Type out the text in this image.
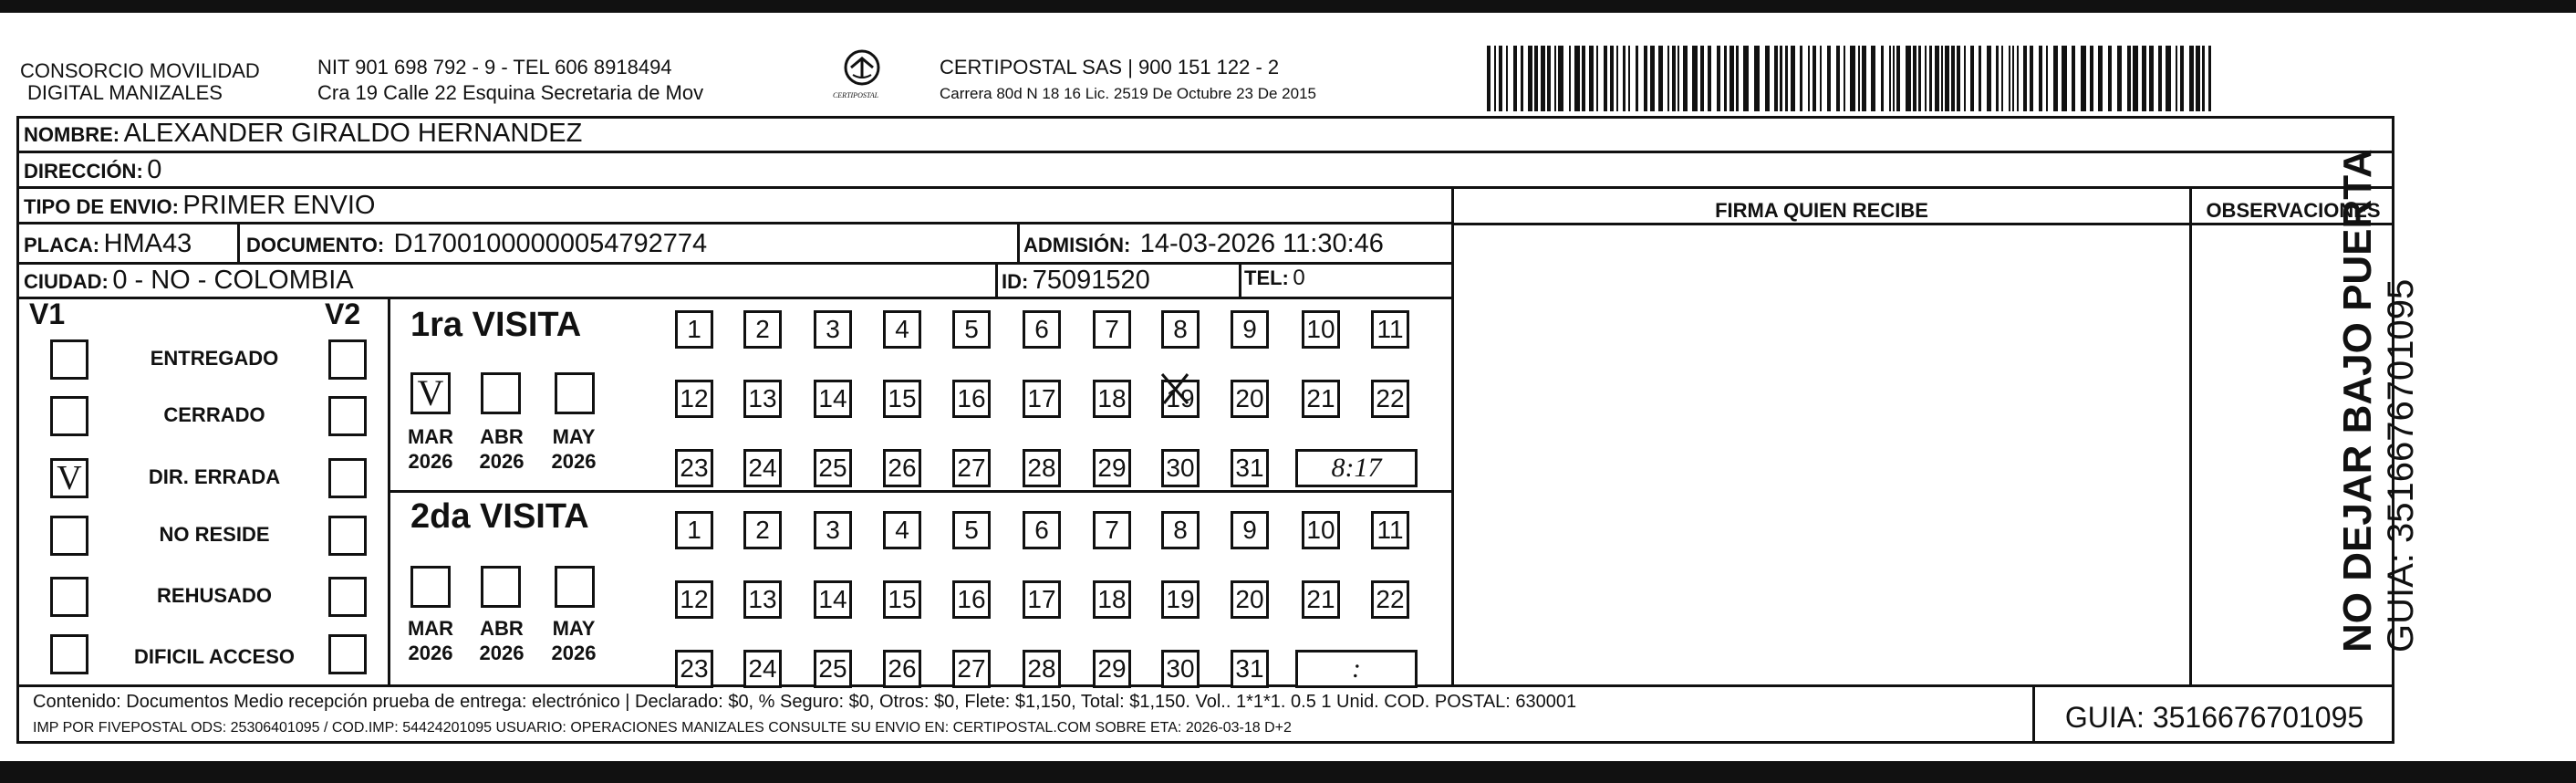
CONSORCIO MOVILIDAD
DIGITAL MANIZALES
NIT 901 698 792 - 9 - TEL 606 8918494
Cra 19 Calle 22 Esquina Secretaria de Mov	CERTIPOSTAL
CERTIPOSTAL SAS | 900 151 122 - 2
Carrera 80d N 18 16 Lic. 2519 De Octubre 23 De 2015
NOMBRE: ALEXANDER GIRALDO HERNANDEZ
DIRECCIÓN: 0
TIPO DE ENVIO: PRIMER ENVIO
PLACA: HMA43	DOCUMENTO: D17001000000054792774	ADMISIÓN: 14-03-2026 11:30:46
CIUDAD: 0 - NO - COLOMBIA	ID: 75091520	TEL: 0
FIRMA QUIEN RECIBE	OBSERVACIONES
V1	V2
ENTREGADO
CERRADO
V	DIR. ERRADA
NO RESIDE
REHUSADO
DIFICIL ACCESO
1ra VISITA
V
MAR
2026
ABR
2026
MAY
2026
1	2	3	4	5	6	7	8	9	10 11
12 13 14 15 16 17 18 19 20 21 22
23 24 25 26 27 28 29 30 31	8:17
2da VISITA
MAR
2026
ABR
2026
MAY
2026
1	2	3	4	5	6	7	8	9	10 11
12 13 14 15 16 17 18 19 20 21 22
23 24 25 26 27 28 29 30 31	:
Contenido: Documentos Medio recepción prueba de entrega: electrónico | Declarado: $0, % Seguro: $0, Otros: $0, Flete: $1,150, Total: $1,150. Vol.. 1*1*1. 0.5 1 Unid. COD. POSTAL: 630001
IMP POR FIVEPOSTAL ODS: 25306401095 / COD.IMP: 54424201095 USUARIO: OPERACIONES MANIZALES CONSULTE SU ENVIO EN: CERTIPOSTAL.COM SOBRE ETA: 2026-03-18 D+2	GUIA: 3516676701095
NO DEJAR BAJO PUERTA GUIA: 3516676701095
